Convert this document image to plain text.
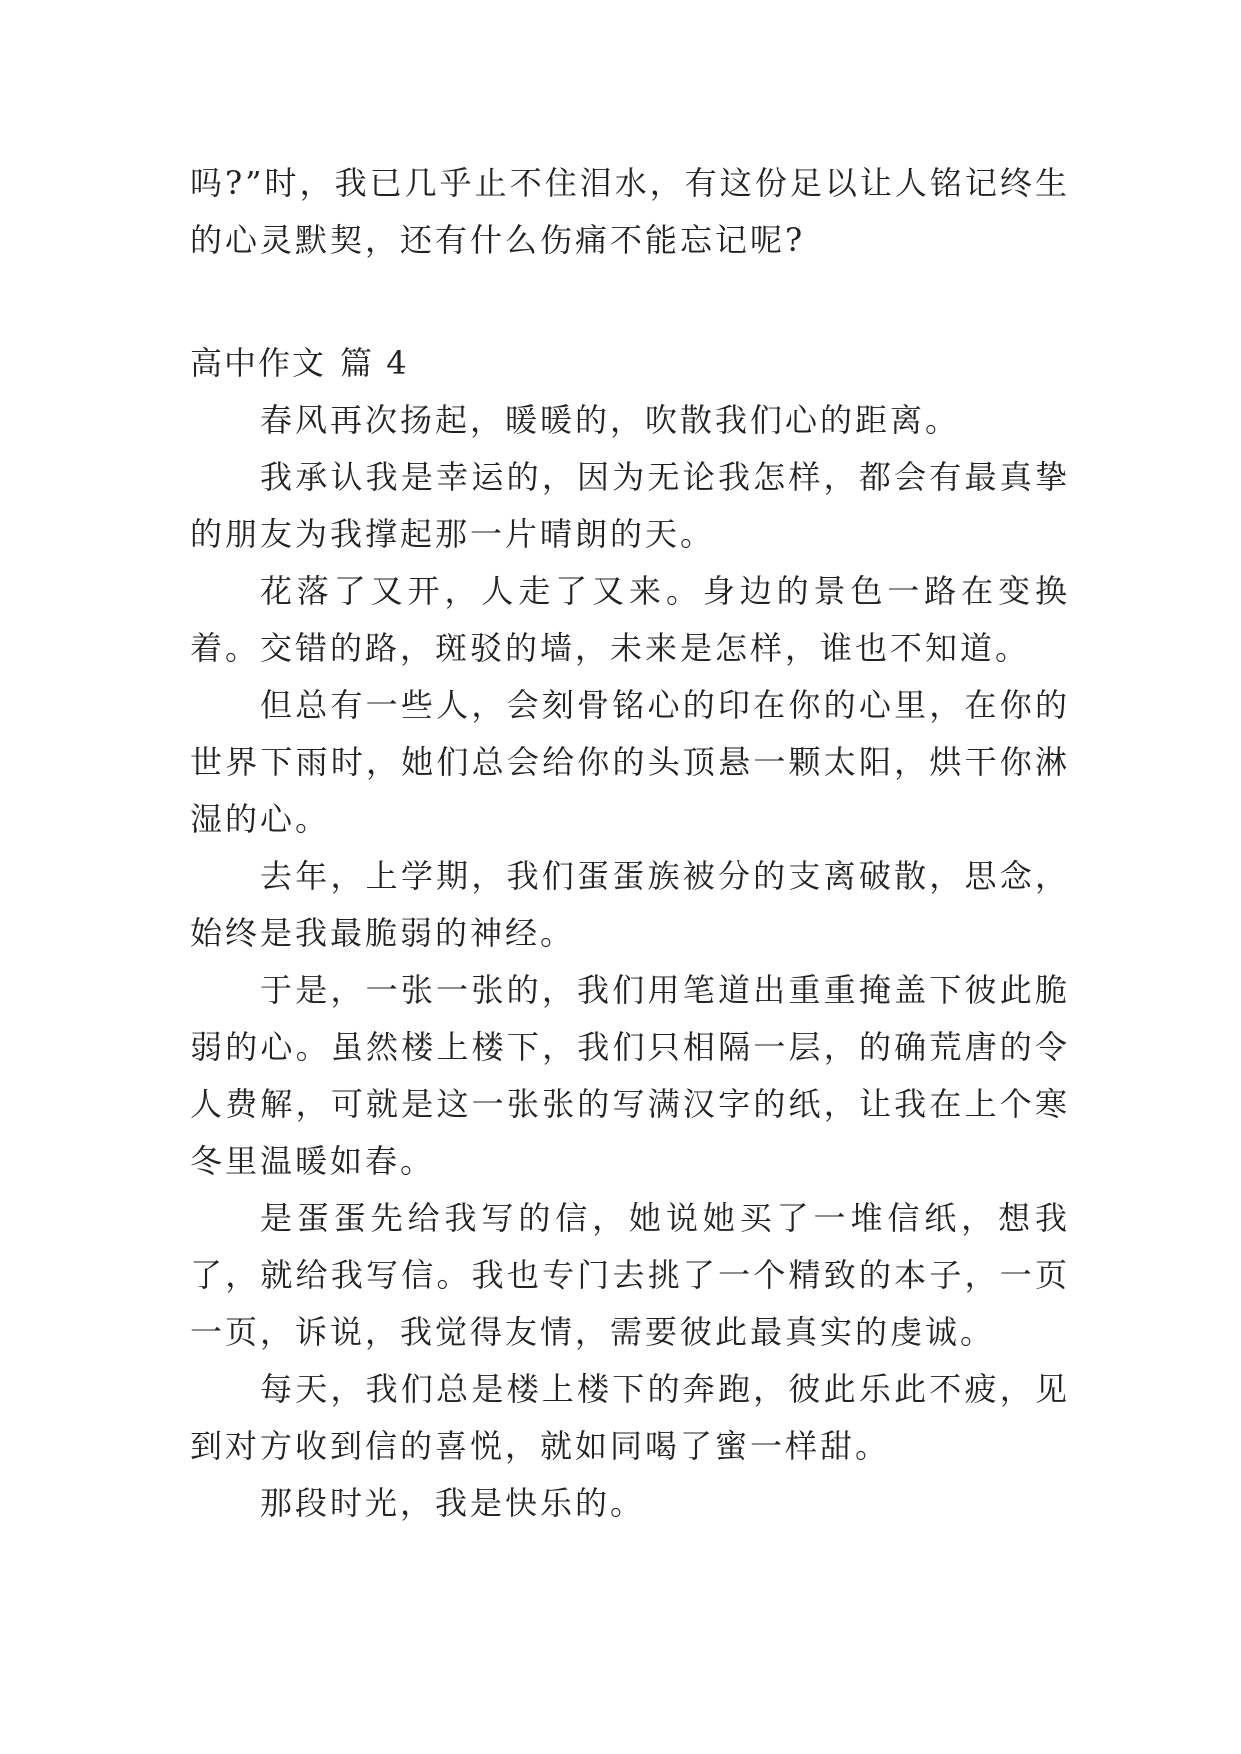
吗?”时，我已几乎止不住泪水，有这份足以让人铭记终生的心灵默契，还有什么伤痛不能忘记呢?

高中作文 篇 4

春风再次扬起，暖暖的，吹散我们心的距离。

我承认我是幸运的，因为无论我怎样，都会有最真挚的朋友为我撑起那一片晴朗的天。

花落了又开，人走了又来。身边的景色一路在变换着。交错的路，斑驳的墙，未来是怎样，谁也不知道。

但总有一些人，会刻骨铭心的印在你的心里，在你的世界下雨时，她们总会给你的头顶悬一颗太阳，烘干你淋湿的心。

去年，上学期，我们蛋蛋族被分的支离破散，思念，始终是我最脆弱的神经。

于是，一张一张的，我们用笔道出重重掩盖下彼此脆弱的心。虽然楼上楼下，我们只相隔一层，的确荒唐的令人费解，可就是这一张张的写满汉字的纸，让我在上个寒冬里温暖如春。

是蛋蛋先给我写的信，她说她买了一堆信纸，想我了，就给我写信。我也专门去挑了一个精致的本子，一页一页，诉说，我觉得友情，需要彼此最真实的虔诚。

每天，我们总是楼上楼下的奔跑，彼此乐此不疲，见到对方收到信的喜悦，就如同喝了蜜一样甜。

那段时光，我是快乐的。
